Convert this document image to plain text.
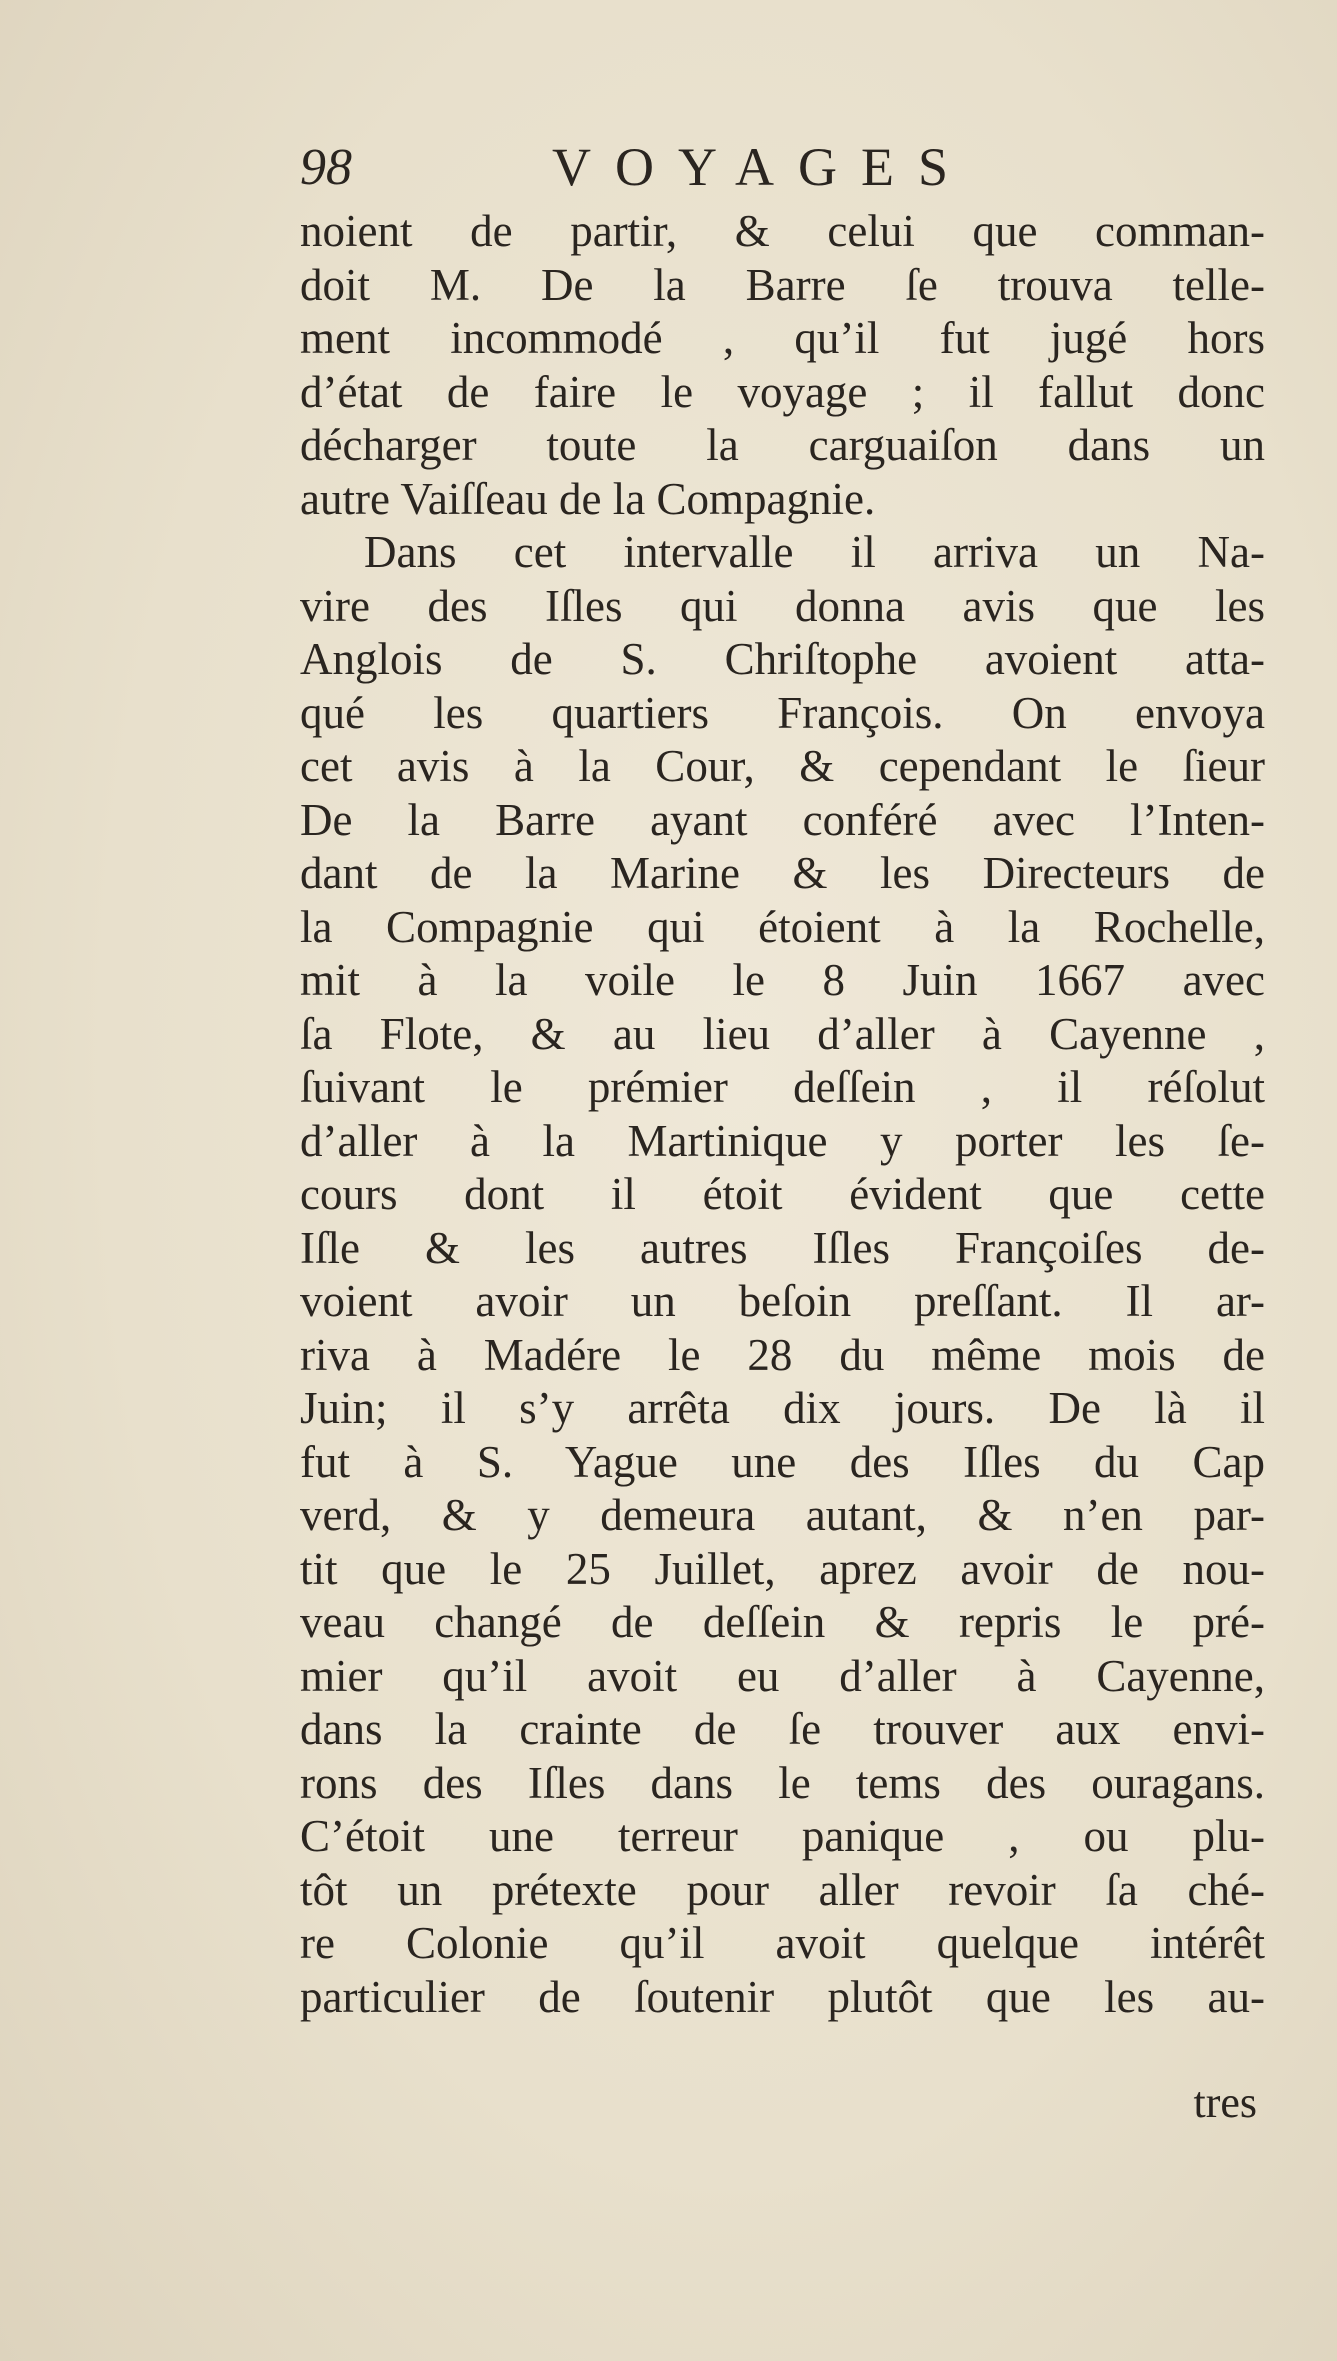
98	VOYAGES
noient de partir, & celui que comman-
doit M. De la Barre ſe trouva telle-
ment incommodé , qu’il fut jugé hors
d’état de faire le voyage ; il fallut donc
décharger toute la carguaiſon dans un
autre Vaiſſeau de la Compagnie.
Dans cet intervalle il arriva un Na-
vire des Iſles qui donna avis que les
Anglois de S. Chriſtophe avoient atta-
qué les quartiers François. On envoya
cet avis à la Cour, & cependant le ſieur
De la Barre ayant conféré avec l’Inten-
dant de la Marine & les Directeurs de
la Compagnie qui étoient à la Rochelle,
mit à la voile le 8 Juin 1667 avec
ſa Flote, & au lieu d’aller à Cayenne ,
ſuivant le prémier deſſein , il réſolut
d’aller à la Martinique y porter les ſe-
cours dont il étoit évident que cette
Iſle & les autres Iſles Françoiſes de-
voient avoir un beſoin preſſant. Il ar-
riva à Madére le 28 du même mois de
Juin; il s’y arrêta dix jours. De là il
fut à S. Yague une des Iſles du Cap
verd, & y demeura autant, & n’en par-
tit que le 25 Juillet, aprez avoir de nou-
veau changé de deſſein & repris le pré-
mier qu’il avoit eu d’aller à Cayenne,
dans la crainte de ſe trouver aux envi-
rons des Iſles dans le tems des ouragans.
C’étoit une terreur panique , ou plu-
tôt un prétexte pour aller revoir ſa ché-
re Colonie qu’il avoit quelque intérêt
particulier de ſoutenir plutôt que les au-
tres
